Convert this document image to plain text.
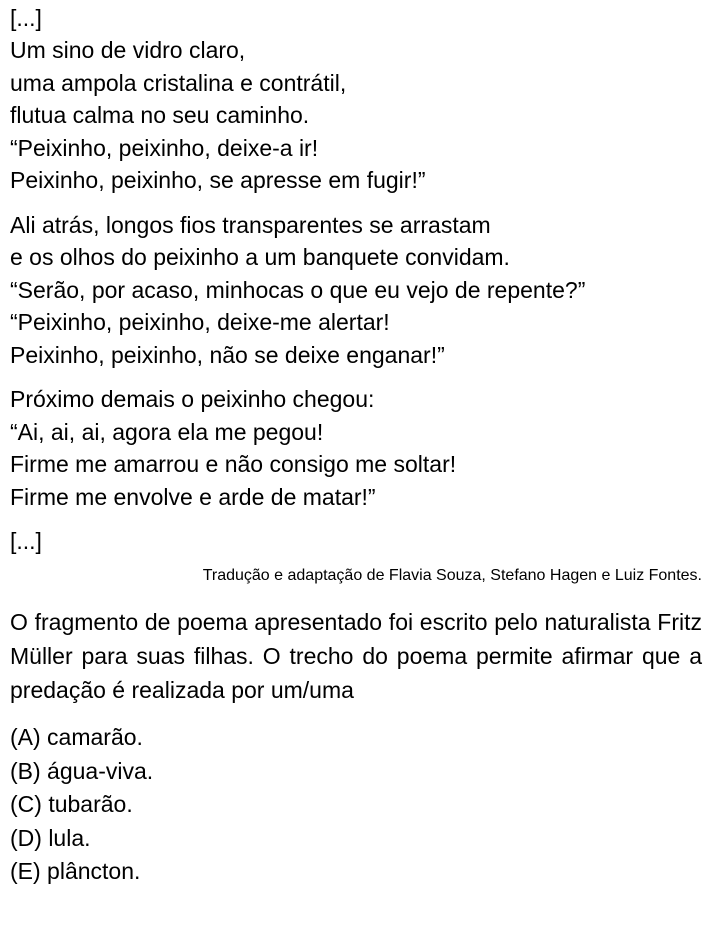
[...]
Um sino de vidro claro,
uma ampola cristalina e contrátil,
flutua calma no seu caminho.
“Peixinho, peixinho, deixe-a ir!
Peixinho, peixinho, se apresse em fugir!”
Ali atrás, longos fios transparentes se arrastam
e os olhos do peixinho a um banquete convidam.
“Serão, por acaso, minhocas o que eu vejo de repente?”
“Peixinho, peixinho, deixe-me alertar!
Peixinho, peixinho, não se deixe enganar!”
Próximo demais o peixinho chegou:
“Ai, ai, ai, agora ela me pegou!
Firme me amarrou e não consigo me soltar!
Firme me envolve e arde de matar!”
[...]
Tradução e adaptação de Flavia Souza, Stefano Hagen e Luiz Fontes.
O fragmento de poema apresentado foi escrito pelo naturalista Fritz Müller para suas filhas. O trecho do poema permite afirmar que a predação é realizada por um/uma
(A) camarão.
(B) água-viva.
(C) tubarão.
(D) lula.
(E) plâncton.
